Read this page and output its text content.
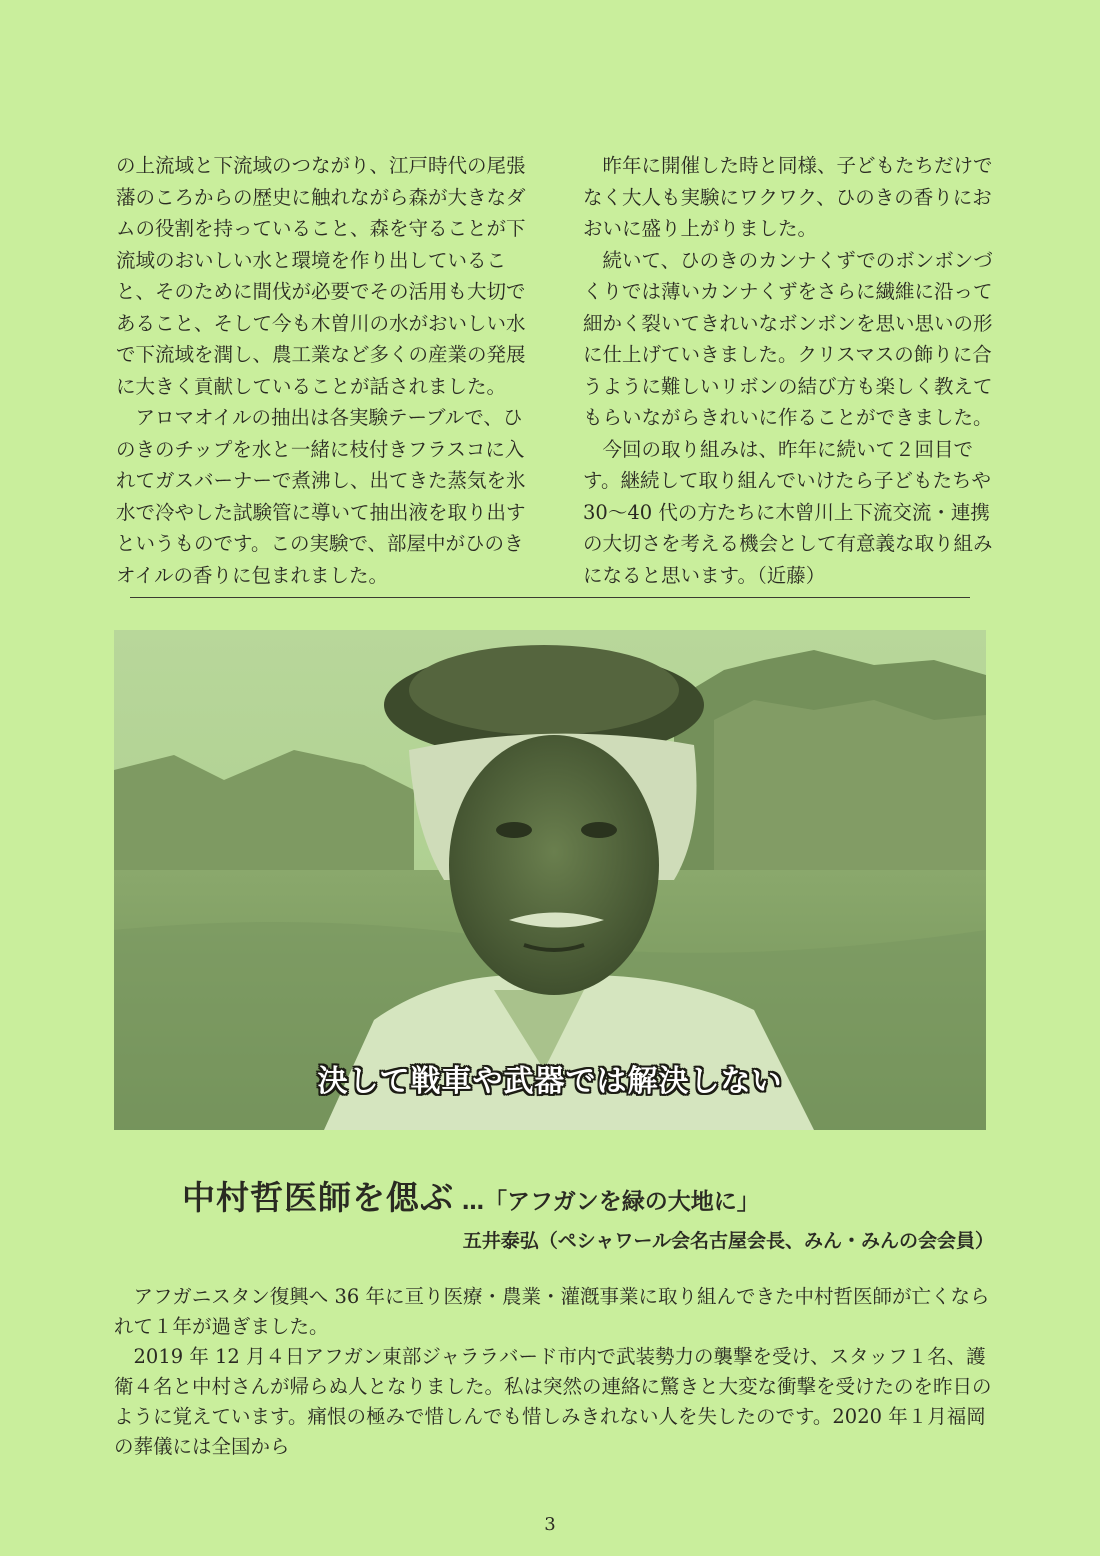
の上流域と下流域のつながり、江戸時代の尾張藩のころからの歴史に触れながら森が大きなダムの役割を持っていること、森を守ることが下流域のおいしい水と環境を作り出していること、そのために間伐が必要でその活用も大切であること、そして今も木曽川の水がおいしい水で下流域を潤し、農工業など多くの産業の発展に大きく貢献していることが話されました。

アロマオイルの抽出は各実験テーブルで、ひのきのチップを水と一緒に枝付きフラスコに入れてガスバーナーで煮沸し、出てきた蒸気を氷水で冷やした試験管に導いて抽出液を取り出すというものです。この実験で、部屋中がひのきオイルの香りに包まれました。

昨年に開催した時と同様、子どもたちだけでなく大人も実験にワクワク、ひのきの香りにおおいに盛り上がりました。

続いて、ひのきのカンナくずでのボンボンづくりでは薄いカンナくずをさらに繊維に沿って細かく裂いてきれいなボンボンを思い思いの形に仕上げていきました。クリスマスの飾りに合うように難しいリボンの結び方も楽しく教えてもらいながらきれいに作ることができました。

今回の取り組みは、昨年に続いて２回目です。継続して取り組んでいけたら子どもたちや 30～40 代の方たちに木曾川上下流交流・連携の大切さを考える機会として有意義な取り組みになると思います。（近藤）

決して戦車や武器では解決しない
中村哲医師を偲ぶ …「アフガンを緑の大地に」
五井泰弘（ペシャワール会名古屋会長、みん・みんの会会員）

アフガニスタン復興へ 36 年に亘り医療・農業・灌漑事業に取り組んできた中村哲医師が亡くなられて１年が過ぎました。

2019 年 12 月４日アフガン東部ジャララバード市内で武装勢力の襲撃を受け、スタッフ１名、護衛４名と中村さんが帰らぬ人となりました。私は突然の連絡に驚きと大変な衝撃を受けたのを昨日のように覚えています。痛恨の極みで惜しんでも惜しみきれない人を失したのです。2020 年１月福岡の葬儀には全国から

3
